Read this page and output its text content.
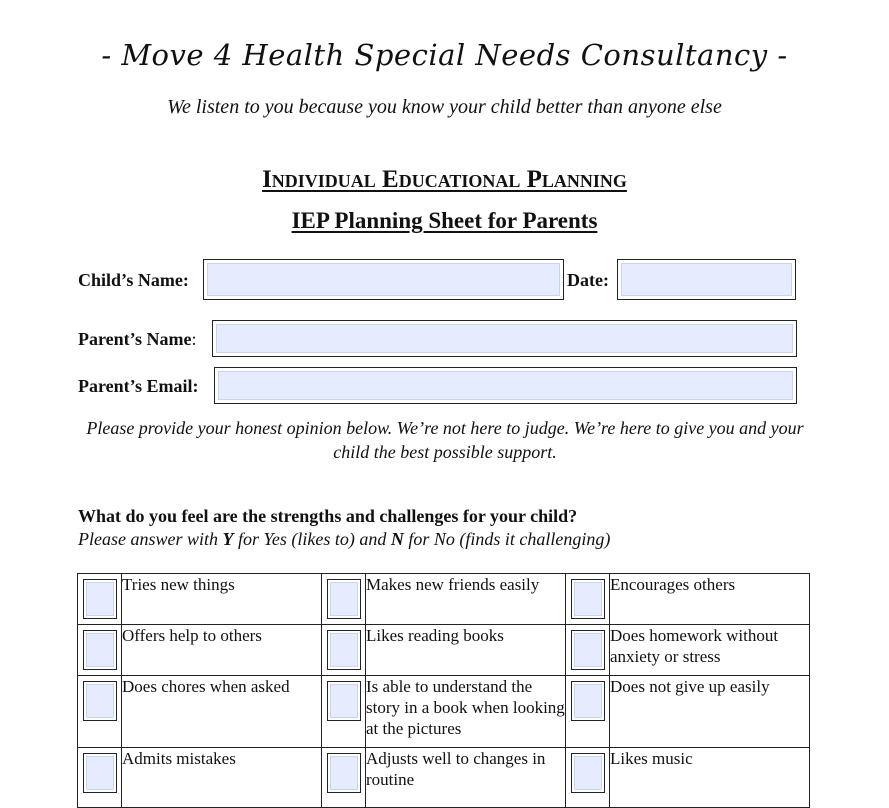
- Move 4 Health Special Needs Consultancy -
We listen to you because you know your child better than anyone else
Individual Educational Planning
IEP Planning Sheet for Parents
Child’s Name:	Date:
Parent’s Name:
Parent’s Email:
Please provide your honest opinion below. We’re not here to judge. We’re here to give you and your child the best possible support.
What do you feel are the strengths and challenges for your child?
Please answer with Y for Yes (likes to) and N for No (finds it challenging)
	Tries new things		Makes new friends easily		Encourages others

	Offers help to others		Likes reading books		Does homework without anxiety or stress

	Does chores when asked		Is able to understand the story in a book when looking at the pictures		Does not give up easily

	Admits mistakes		Adjusts well to changes in routine		Likes music
